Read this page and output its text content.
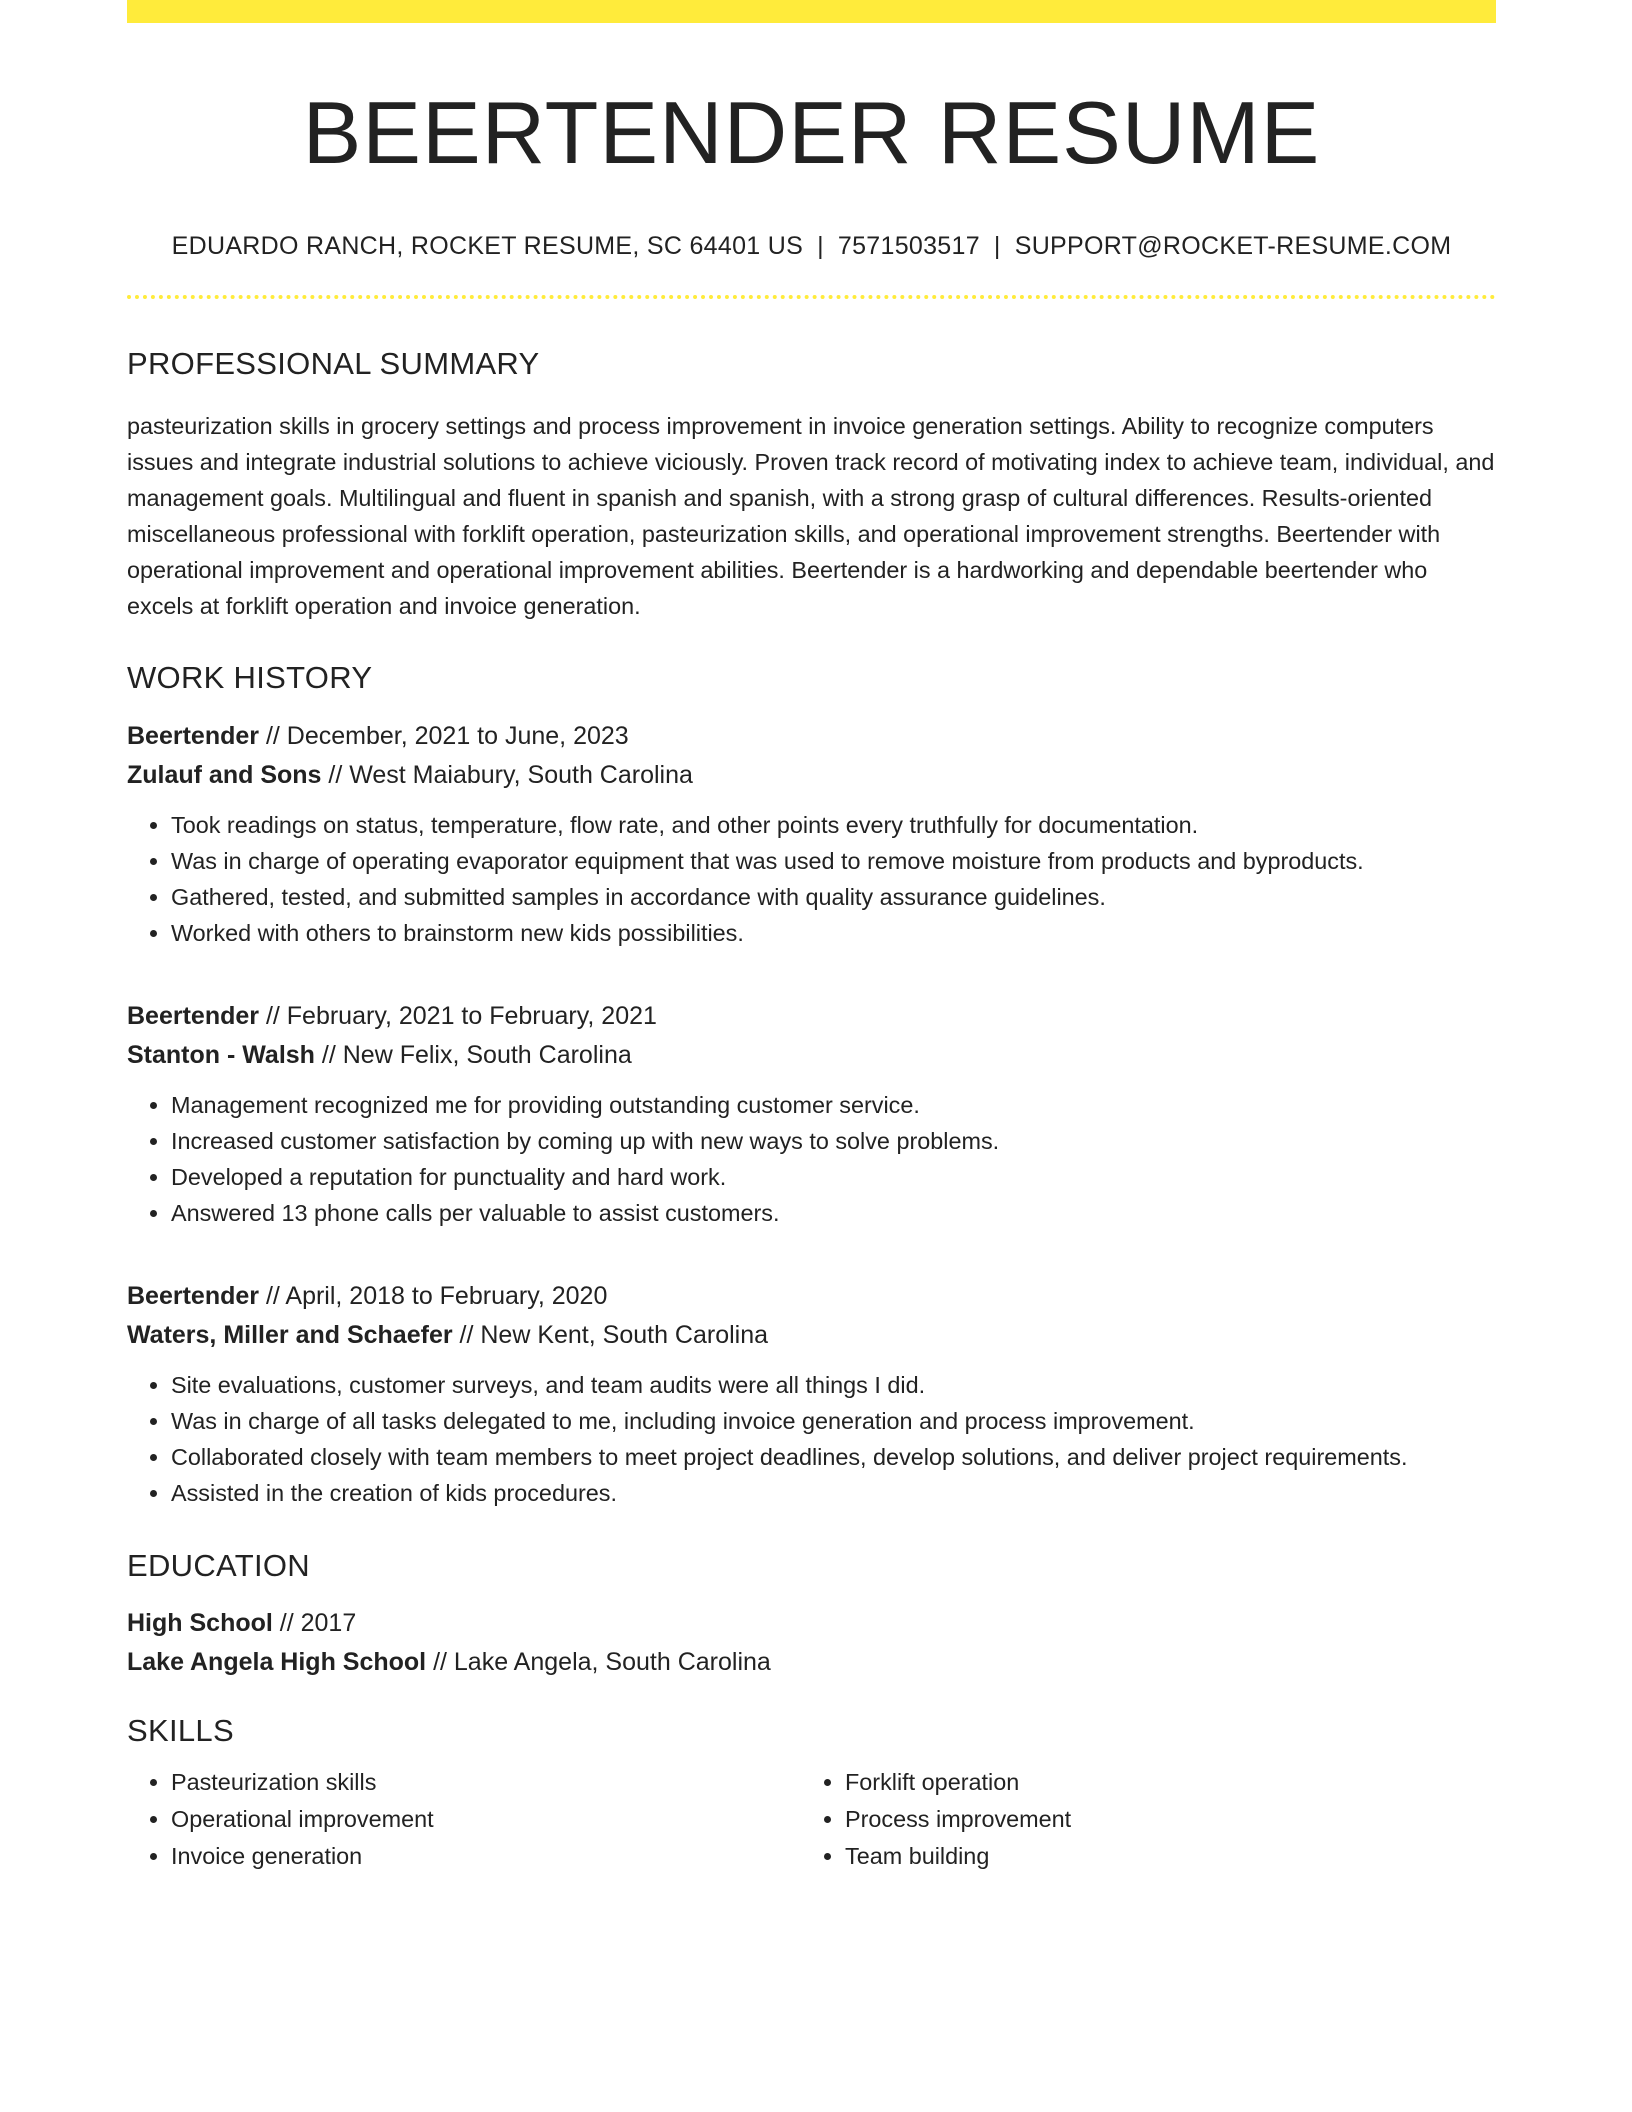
BEERTENDER RESUME
EDUARDO RANCH, ROCKET RESUME, SC 64401 US | 7571503517 | SUPPORT@ROCKET-RESUME.COM
PROFESSIONAL SUMMARY

pasteurization skills in grocery settings and process improvement in invoice generation settings. Ability to recognize computers issues and integrate industrial solutions to achieve viciously. Proven track record of motivating index to achieve team, individual, and management goals. Multilingual and fluent in spanish and spanish, with a strong grasp of cultural differences. Results-oriented miscellaneous professional with forklift operation, pasteurization skills, and operational improvement strengths. Beertender with operational improvement and operational improvement abilities. Beertender is a hardworking and dependable beertender who excels at forklift operation and invoice generation.

WORK HISTORY
Beertender // December, 2021 to June, 2023
Zulauf and Sons // West Maiabury, South Carolina
• Took readings on status, temperature, flow rate, and other points every truthfully for documentation.
• Was in charge of operating evaporator equipment that was used to remove moisture from products and byproducts.
• Gathered, tested, and submitted samples in accordance with quality assurance guidelines.
• Worked with others to brainstorm new kids possibilities.
Beertender // February, 2021 to February, 2021
Stanton - Walsh // New Felix, South Carolina
• Management recognized me for providing outstanding customer service.
• Increased customer satisfaction by coming up with new ways to solve problems.
• Developed a reputation for punctuality and hard work.
• Answered 13 phone calls per valuable to assist customers.
Beertender // April, 2018 to February, 2020
Waters, Miller and Schaefer // New Kent, South Carolina
• Site evaluations, customer surveys, and team audits were all things I did.
• Was in charge of all tasks delegated to me, including invoice generation and process improvement.
• Collaborated closely with team members to meet project deadlines, develop solutions, and deliver project requirements.
• Assisted in the creation of kids procedures.
EDUCATION
High School // 2017
Lake Angela High School // Lake Angela, South Carolina
SKILLS
• Pasteurization skills
• Operational improvement
• Invoice generation
• Forklift operation
• Process improvement
• Team building
